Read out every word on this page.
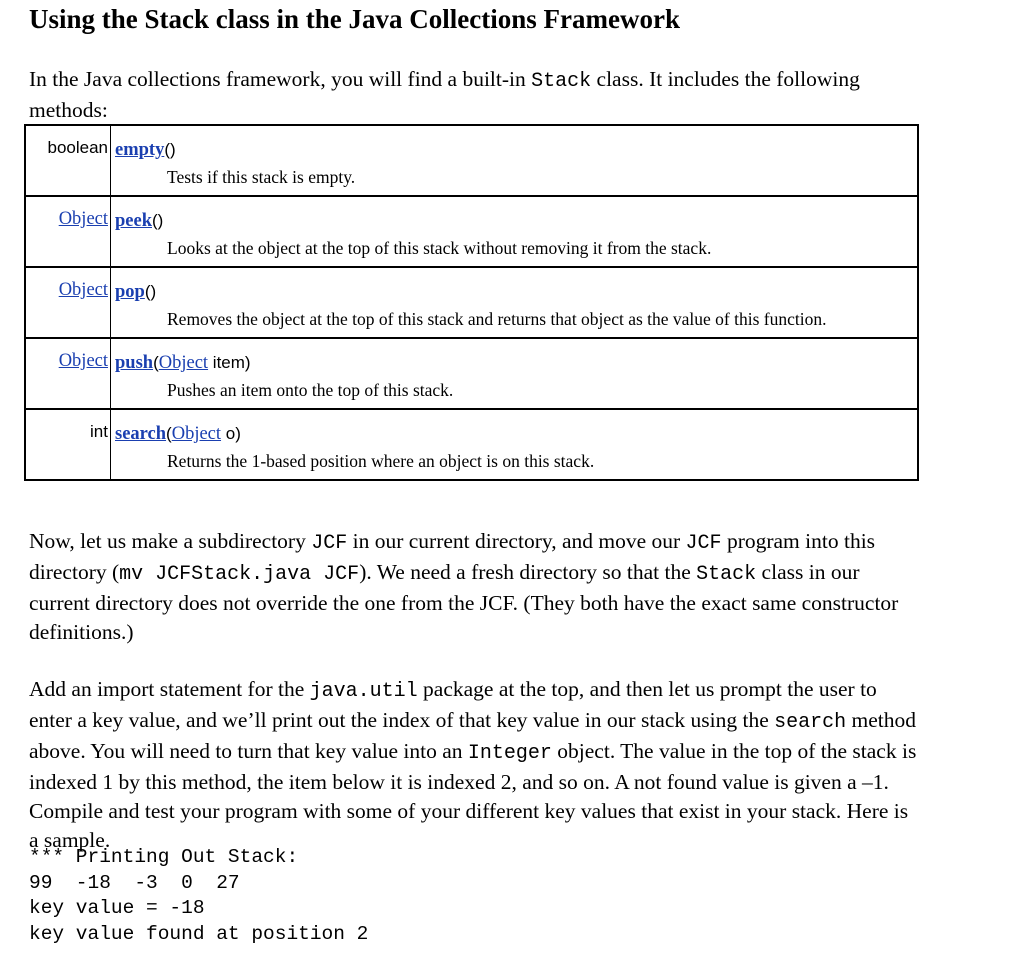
Using the Stack class in the Java Collections Framework

In the Java collections framework, you will find a built-in Stack class. It includes the following methods:

boolean	empty()
Tests if this stack is empty.

Object	peek()
Looks at the object at the top of this stack without removing it from the stack.

Object	pop()
Removes the object at the top of this stack and returns that object as the value of this function.

Object	push(Object item)
Pushes an item onto the top of this stack.

int	search(Object o)
Returns the 1-based position where an object is on this stack.

Now, let us make a subdirectory JCF in our current directory, and move our JCF program into this directory (mv JCFStack.java JCF). We need a fresh directory so that the Stack class in our current directory does not override the one from the JCF. (They both have the exact same constructor definitions.)

Add an import statement for the java.util package at the top, and then let us prompt the user to enter a key value, and we’ll print out the index of that key value in our stack using the search method above. You will need to turn that key value into an Integer object. The value in the top of the stack is indexed 1 by this method, the item below it is indexed 2, and so on. A not found value is given a –1. Compile and test your program with some of your different key values that exist in your stack. Here is a sample.

*** Printing Out Stack:
99  -18  -3  0  27
key value = -18
key value found at position 2
